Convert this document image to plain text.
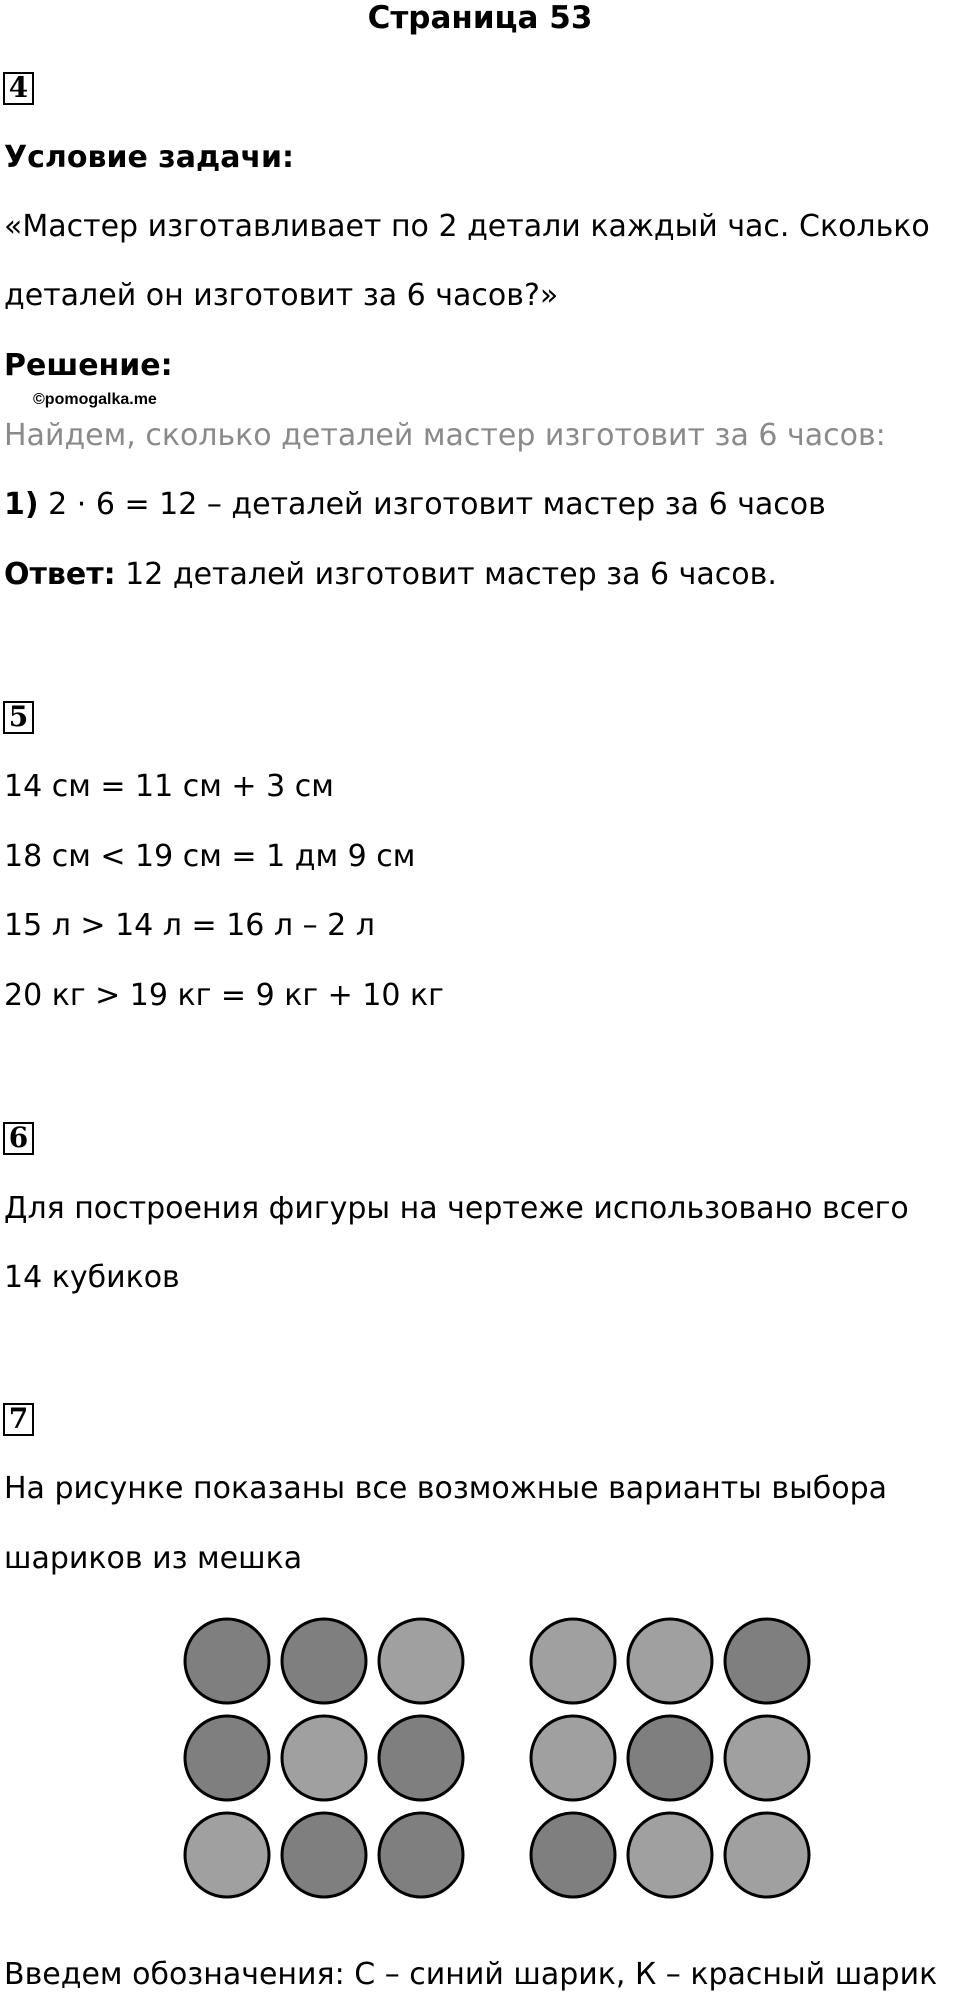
Страница 53
4
Условие задачи:
«Мастер изготавливает по 2 детали каждый час. Сколько
деталей он изготовит за 6 часов?»
Решение:
©pomogalka.me
Найдем, сколько деталей мастер изготовит за 6 часов:
1) 2 · 6 = 12 – деталей изготовит мастер за 6 часов
Ответ: 12 деталей изготовит мастер за 6 часов.
5
14 см = 11 см + 3 см
18 см < 19 см = 1 дм 9 см
15 л > 14 л = 16 л – 2 л
20 кг > 19 кг = 9 кг + 10 кг
6
Для построения фигуры на чертеже использовано всего
14 кубиков
7
На рисунке показаны все возможные варианты выбора
шариков из мешка
Введем обозначения: С – синий шарик, К – красный шарик
